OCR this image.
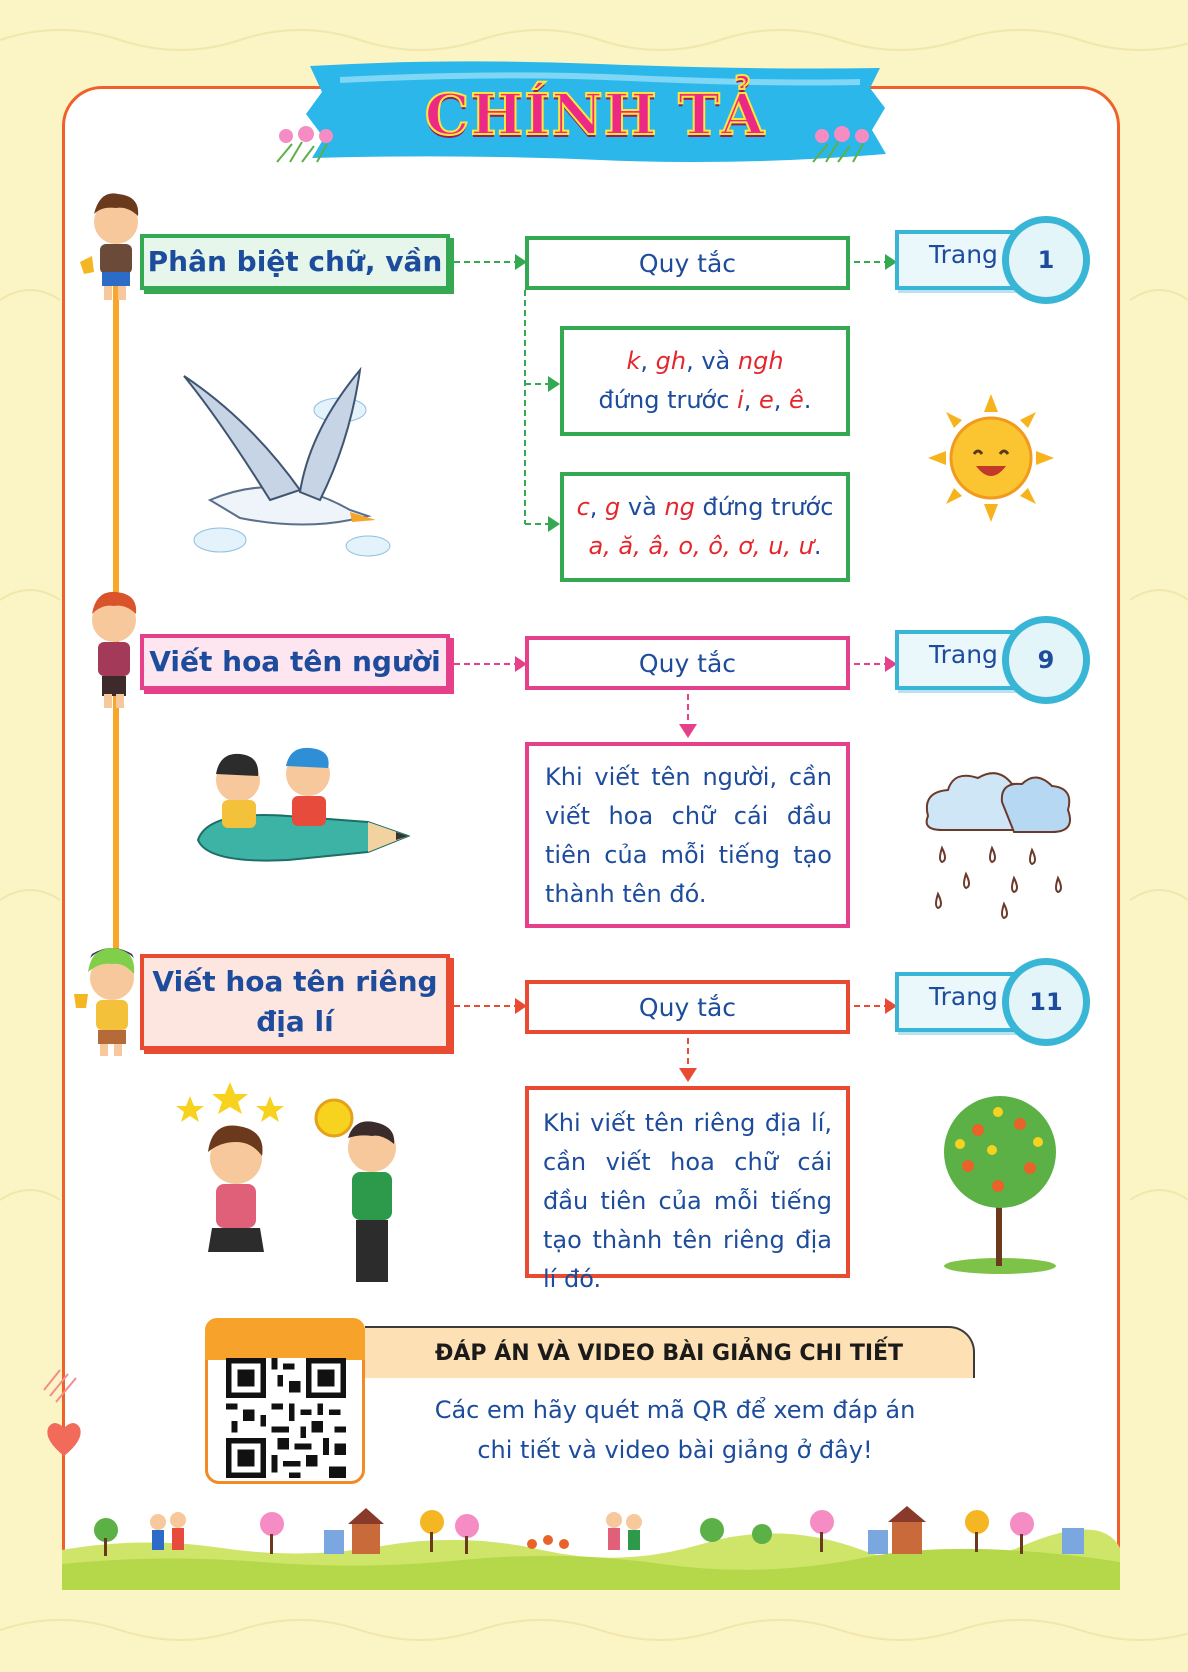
CHÍNH TẢ
Phân biệt chữ, vần
Viết hoa tên người
Viết hoa tên riêng địa lí
Quy tắc
Quy tắc
Quy tắc
k, gh, và ngh
đứng trước i, e, ê.
c, g và ng đứng trước
a, ă, â, o, ô, ơ, u, ư.
Khi viết tên người, cần viết hoa chữ cái đầu tiên của mỗi tiếng tạo thành tên đó.
Khi viết tên riêng địa lí, cần viết hoa chữ cái đầu tiên của mỗi tiếng tạo thành tên riêng địa lí đó.
Trang	1
Trang	9
Trang	11
ĐÁP ÁN VÀ VIDEO BÀI GIẢNG CHI TIẾT
Các em hãy quét mã QR để xem đáp án
chi tiết và video bài giảng ở đây!
